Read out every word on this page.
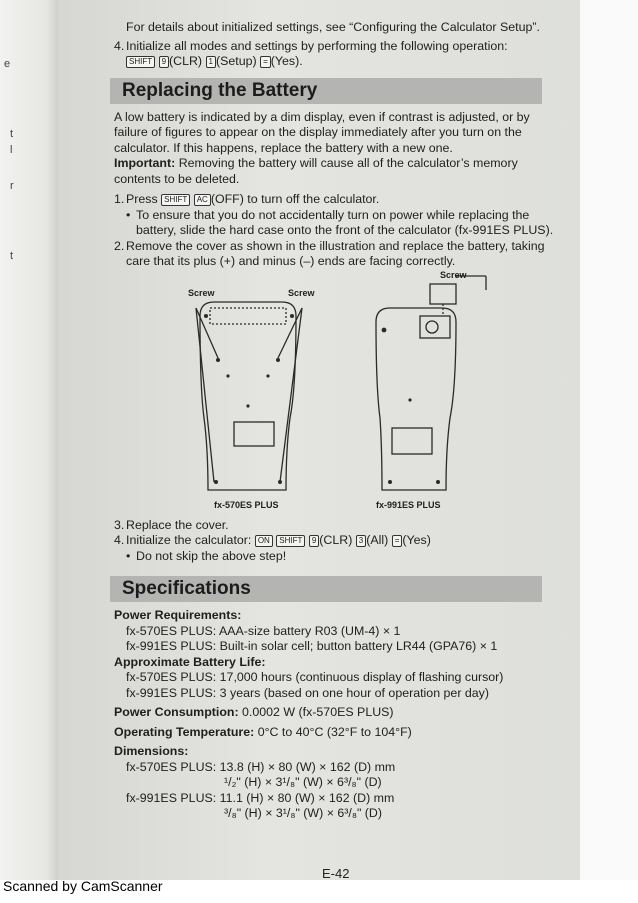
e
t
l
r
t

For details about initialized settings, see “Configuring the Calculator Setup”.

4. Initialize all modes and settings by performing the following operation:
SHIFT 9 (CLR) 1 (Setup) = (Yes).

Replacing the Battery

A low battery is indicated by a dim display, even if contrast is adjusted, or by failure of figures to appear on the display immediately after you turn on the calculator. If this happens, replace the battery with a new one.

Important: Removing the battery will cause all of the calculator’s memory contents to be deleted.

1. Press SHIFT AC (OFF) to turn off the calculator.

• To ensure that you do not accidentally turn on power while replacing the battery, slide the hard case onto the front of the calculator (fx-991ES PLUS).

2. Remove the cover as shown in the illustration and replace the battery, taking care that its plus (+) and minus (–) ends are facing correctly.

Screw	Screw
Screw
fx-570ES PLUS	fx-991ES PLUS

3. Replace the cover.

4. Initialize the calculator: ON SHIFT 9 (CLR) 3 (All) = (Yes)

• Do not skip the above step!

Specifications

Power Requirements:

fx-570ES PLUS: AAA-size battery R03 (UM-4) × 1

fx-991ES PLUS: Built-in solar cell; button battery LR44 (GPA76) × 1

Approximate Battery Life:

fx-570ES PLUS: 17,000 hours (continuous display of flashing cursor)

fx-991ES PLUS: 3 years (based on one hour of operation per day)

Power Consumption: 0.0002 W (fx-570ES PLUS)

Operating Temperature: 0°C to 40°C (32°F to 104°F)

Dimensions:

fx-570ES PLUS: 13.8 (H) × 80 (W) × 162 (D) mm

¹/₂" (H) × 3¹/₈" (W) × 6³/₈" (D)

fx-991ES PLUS: 11.1 (H) × 80 (W) × 162 (D) mm

³/₈" (H) × 3¹/₈" (W) × 6³/₈" (D)

E-42
Scanned by CamScanner
